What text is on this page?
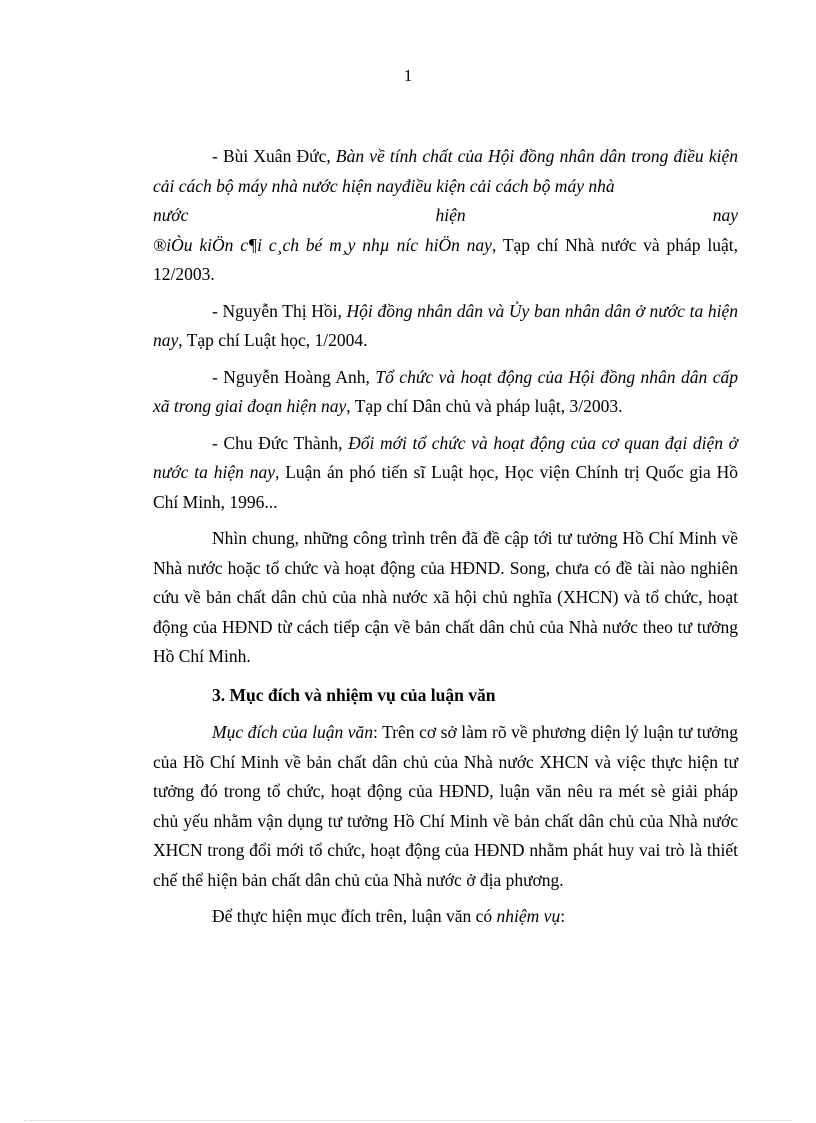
1

- Bùi Xuân Đức, Bàn về tính chất của Hội đồng nhân dân trong điều kiện cải cách bộ máy nhà nước hiện nayđiều kiện cải cách bộ máy nhà

nước	hiện	nay

®iÒu kiÖn c¶i c¸ch bé m¸y nhµ níc hiÖn nay, Tạp chí Nhà nước và pháp luật, 12/2003.

- Nguyễn Thị Hồi, Hội đồng nhân dân và Ủy ban nhân dân ở nước ta hiện nay, Tạp chí Luật học, 1/2004.

- Nguyễn Hoàng Anh, Tổ chức và hoạt động của Hội đồng nhân dân cấp xã trong giai đoạn hiện nay, Tạp chí Dân chủ và pháp luật, 3/2003.

- Chu Đức Thành, Đổi mới tổ chức và hoạt động của cơ quan đại diện ở nước ta hiện nay, Luận án phó tiến sĩ Luật học, Học viện Chính trị Quốc gia Hồ Chí Minh, 1996...

Nhìn chung, những công trình trên đã đề cập tới tư tưởng Hồ Chí Minh về Nhà nước hoặc tổ chức và hoạt động của HĐND. Song, chưa có đề tài nào nghiên cứu về bản chất dân chủ của nhà nước xã hội chủ nghĩa (XHCN) và tổ chức, hoạt động của HĐND từ cách tiếp cận về bản chất dân chủ của Nhà nước theo tư tưởng Hồ Chí Minh.

3. Mục đích và nhiệm vụ của luận văn

Mục đích của luận văn: Trên cơ sở làm rõ về phương diện lý luận tư tưởng của Hồ Chí Minh về bản chất dân chủ của Nhà nước XHCN và việc thực hiện tư tưởng đó trong tổ chức, hoạt động của HĐND, luận văn nêu ra mét sè giải pháp chủ yếu nhằm vận dụng tư tưởng Hồ Chí Minh về bản chất dân chủ của Nhà nước XHCN trong đổi mới tổ chức, hoạt động của HĐND nhằm phát huy vai trò là thiết chế thể hiện bản chất dân chủ của Nhà nước ở địa phương.

Để thực hiện mục đích trên, luận văn có nhiệm vụ:
